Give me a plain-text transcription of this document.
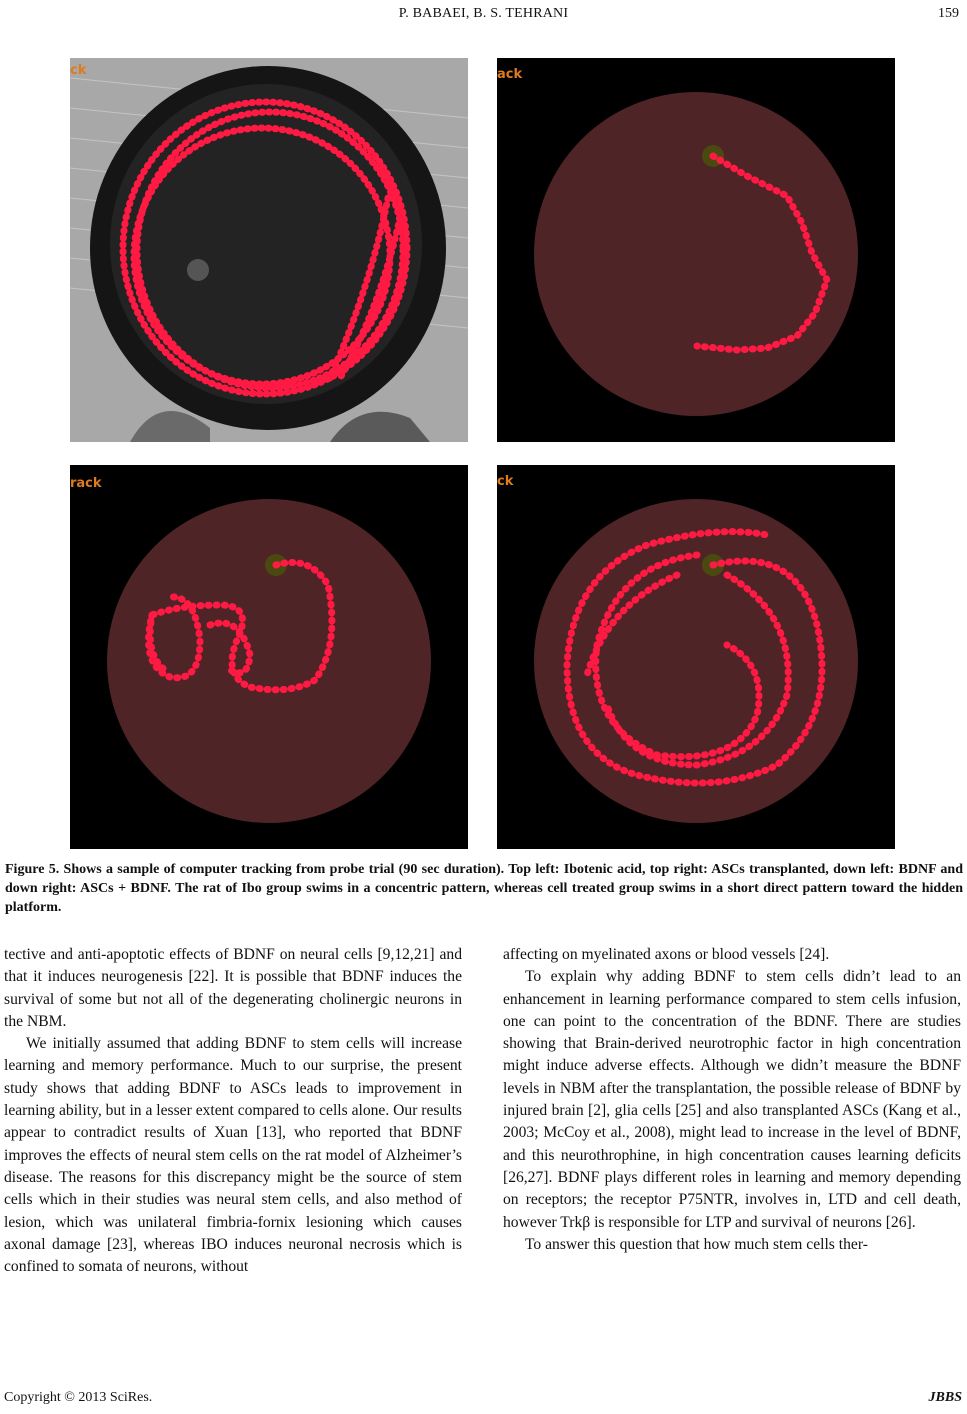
P. BABAEI, B. S. TEHRANI	159
ck	ack
rack	ck
Figure 5. Shows a sample of computer tracking from probe trial (90 sec duration). Top left: Ibotenic acid, top right: ASCs transplanted, down left: BDNF and down right: ASCs + BDNF. The rat of Ibo group swims in a concentric pattern, whereas cell treated group swims in a short direct pattern toward the hidden platform.

tective and anti-apoptotic effects of BDNF on neural cells [9,12,21] and that it induces neurogenesis [22]. It is possible that BDNF induces the survival of some but not all of the degenerating cholinergic neurons in the NBM.

We initially assumed that adding BDNF to stem cells will increase learning and memory performance. Much to our surprise, the present study shows that adding BDNF to ASCs leads to improvement in learning ability, but in a lesser extent compared to cells alone. Our results appear to contradict results of Xuan [13], who reported that BDNF improves the effects of neural stem cells on the rat model of Alzheimer’s disease. The reasons for this discrepancy might be the source of stem cells which in their studies was neural stem cells, and also method of lesion, which was unilateral fimbria-fornix lesioning which causes axonal damage [23], whereas IBO induces neuronal necrosis which is confined to somata of neurons, without

affecting on myelinated axons or blood vessels [24].

To explain why adding BDNF to stem cells didn’t lead to an enhancement in learning performance compared to stem cells infusion, one can point to the concentration of the BDNF. There are studies showing that Brain-derived neurotrophic factor in high concentration might induce adverse effects. Although we didn’t measure the BDNF levels in NBM after the transplantation, the possible release of BDNF by injured brain [2], glia cells [25] and also transplanted ASCs (Kang et al., 2003; McCoy et al., 2008), might lead to increase in the level of BDNF, and this neurothrophine, in high concentration causes learning deficits [26,27]. BDNF plays different roles in learning and memory depending on receptors; the receptor P75NTR, involves in, LTD and cell death, however Trkβ is responsible for LTP and survival of neurons [26].

To answer this question that how much stem cells ther-

Copyright © 2013 SciRes.	JBBS
